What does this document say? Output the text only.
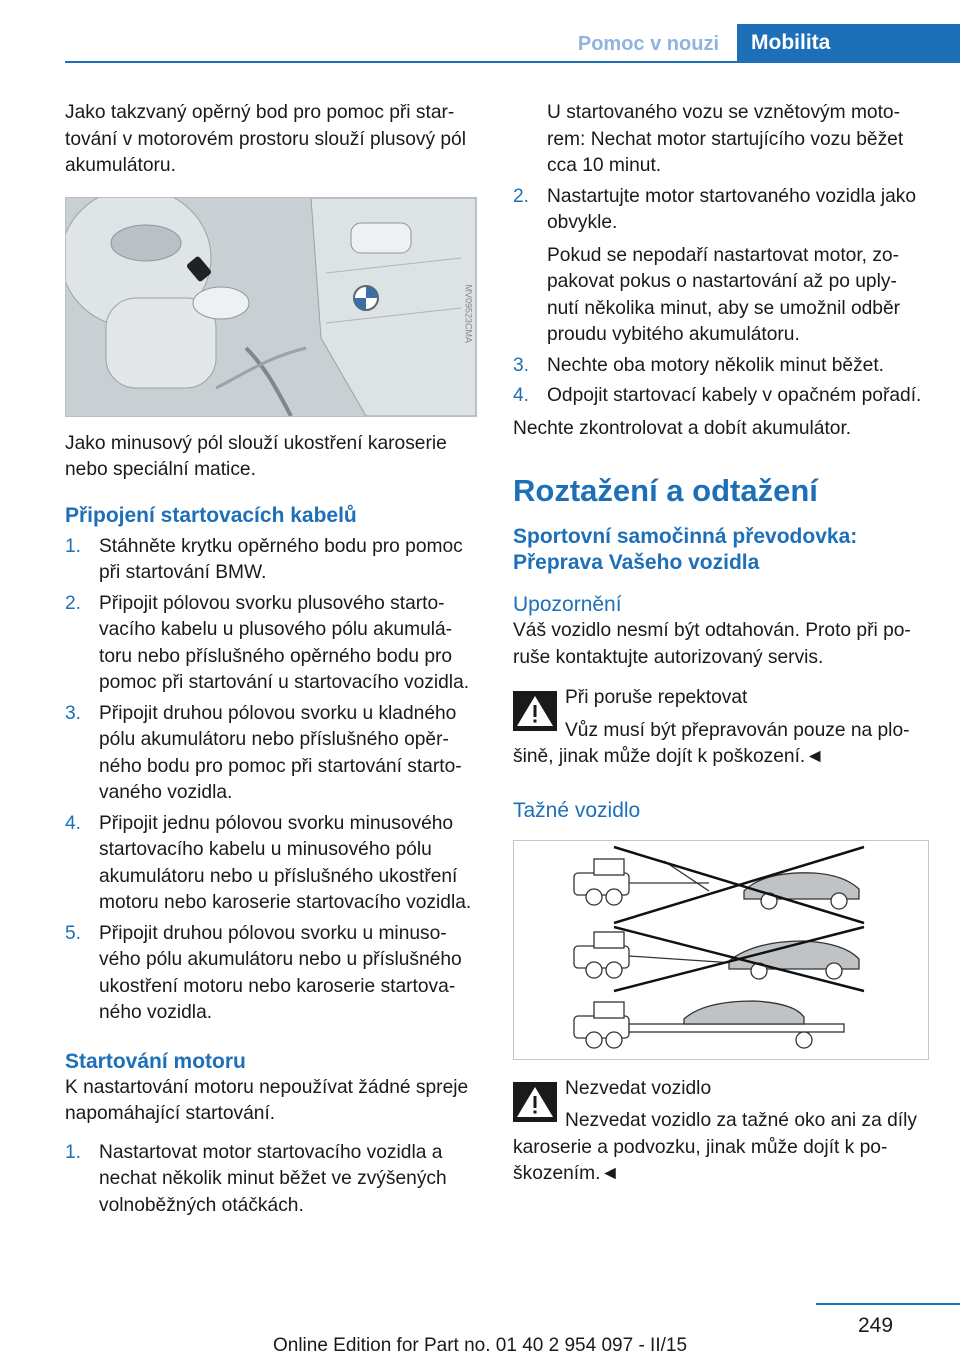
Pomoc v nouzi	Mobilita

Jako takzvaný opěrný bod pro pomoc při star‐tování v motorovém prostoru slouží plusový pól akumulátoru.

MV09523CMA

Jako minusový pól slouží ukostření karoserie nebo speciální matice.

Připojení startovacích kabelů
1. Stáhněte krytku opěrného bodu pro pomoc při startování BMW.
2. Připojit pólovou svorku plusového starto‐vacího kabelu u plusového pólu akumulá‐toru nebo příslušného opěrného bodu pro pomoc při startování u startovacího vozidla.
3. Připojit druhou pólovou svorku u kladného pólu akumulátoru nebo příslušného opěr‐ného bodu pro pomoc při startování starto‐vaného vozidla.
4. Připojit jednu pólovou svorku minusového startovacího kabelu u minusového pólu akumulátoru nebo u příslušného ukostření motoru nebo karoserie startovacího vozidla.
5. Připojit druhou pólovou svorku u minuso‐vého pólu akumulátoru nebo u příslušného ukostření motoru nebo karoserie startova‐ného vozidla.
Startování motoru

K nastartování motoru nepoužívat žádné spreje napomáhající startování.

1. Nastartovat motor startovacího vozidla a nechat několik minut běžet ve zvýšených volnoběžných otáčkách.
U startovaného vozu se vznětovým moto‐rem: Nechat motor startujícího vozu běžet cca 10 minut.
2. Nastartujte motor startovaného vozidla jako obvykle.
Pokud se nepodaří nastartovat motor, zo‐pakovat pokus o nastartování až po uply‐nutí několika minut, aby se umožnil odběr proudu vybitého akumulátoru.
3. Nechte oba motory několik minut běžet.
4. Odpojit startovací kabely v opačném pořadí.

Nechte zkontrolovat a dobít akumulátor.

Roztažení a odtažení
Sportovní samočinná převodovka: Přeprava Vašeho vozidla
Upozornění

Váš vozidlo nesmí být odtahován. Proto při po‐ruše kontaktujte autorizovaný servis.

Při poruše repektovat

Vůz musí být přepravován pouze na plo‐šině, jinak může dojít k poškození.◄

Tažné vozidlo

Nezvedat vozidlo

Nezvedat vozidlo za tažné oko ani za díly karoserie a podvozku, jinak může dojít k po‐škozením.◄

249
Online Edition for Part no. 01 40 2 954 097 - II/15
